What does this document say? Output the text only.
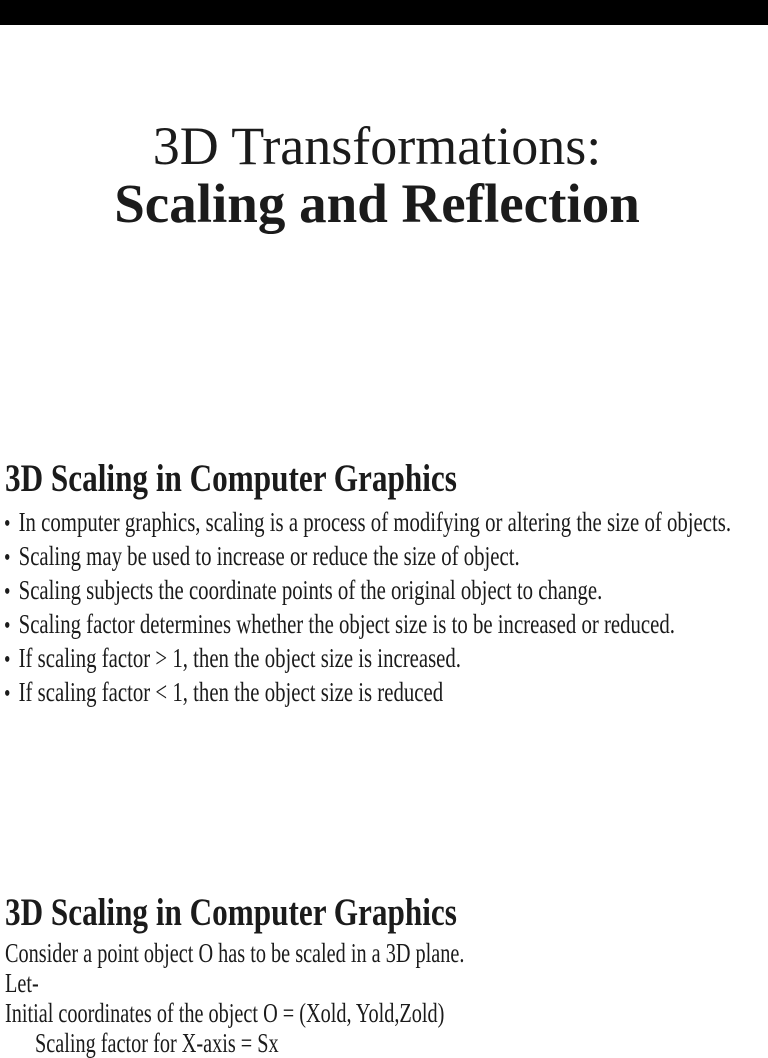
3D Transformations:
Scaling and Reflection
3D Scaling in Computer Graphics
• In computer graphics, scaling is a process of modifying or altering the size of objects.
• Scaling may be used to increase or reduce the size of object.
• Scaling subjects the coordinate points of the original object to change.
• Scaling factor determines whether the object size is to be increased or reduced.
• If scaling factor > 1, then the object size is increased.
• If scaling factor < 1, then the object size is reduced
3D Scaling in Computer Graphics
Consider a point object O has to be scaled in a 3D plane.
Let-
Initial coordinates of the object O = (Xold, Yold,Zold)
Scaling factor for X-axis = Sx
